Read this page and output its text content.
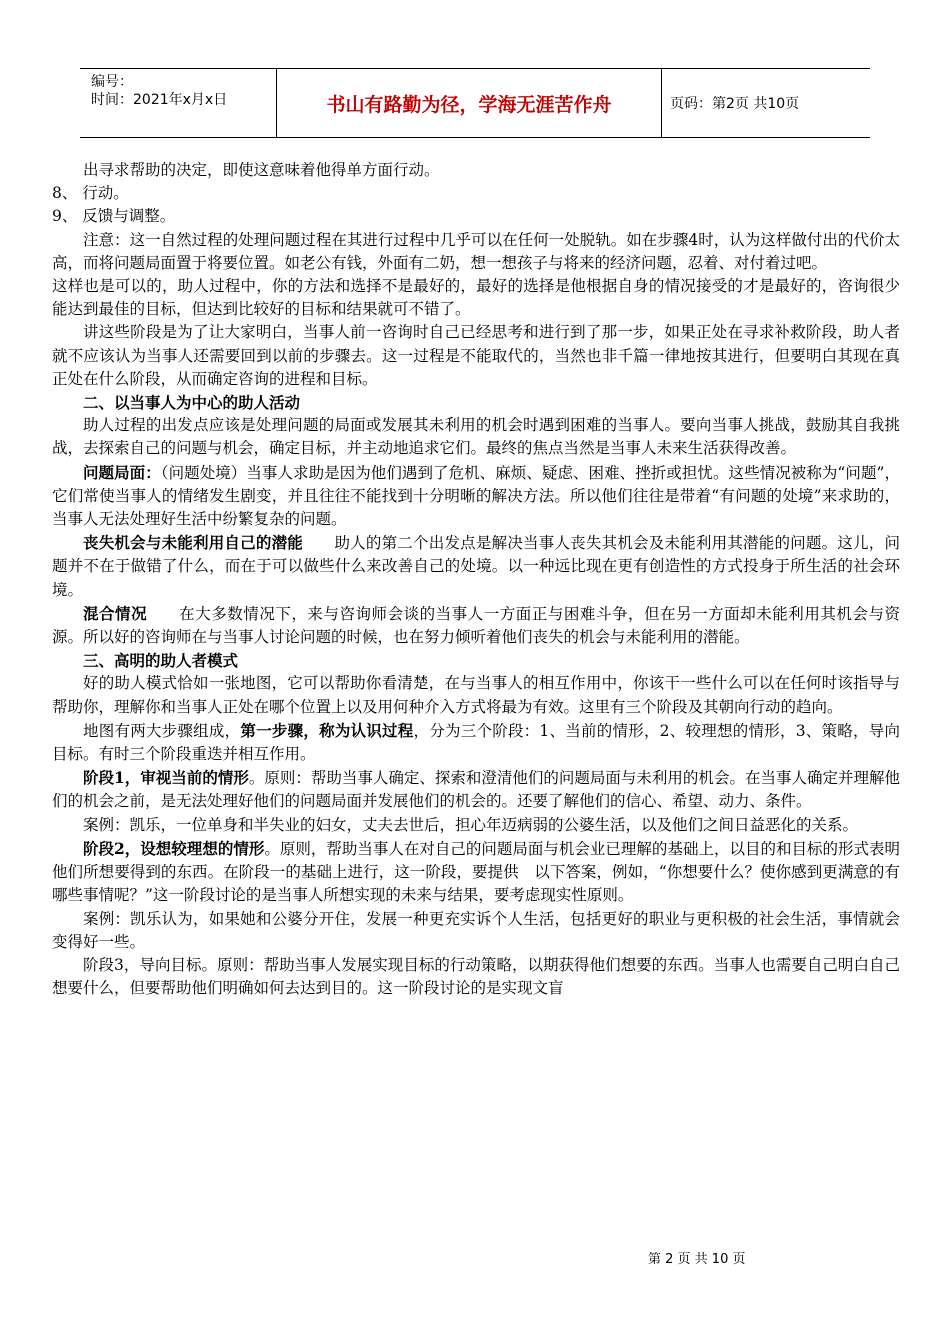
编号：
时间：2021年x月x日	书山有路勤为径，学海无涯苦作舟	页码：第2页 共10页

出寻求帮助的决定，即使这意味着他得单方面行动。

8、 行动。

9、 反馈与调整。

注意：这一自然过程的处理问题过程在其进行过程中几乎可以在任何一处脱轨。如在步骤4时，认为这样做付出的代价太高，而将问题局面置于将要位置。如老公有钱，外面有二奶，想一想孩子与将来的经济问题，忍着、对付着过吧。

这样也是可以的，助人过程中，你的方法和选择不是最好的，最好的选择是他根据自身的情况接受的才是最好的，咨询很少能达到最佳的目标，但达到比较好的目标和结果就可不错了。

讲这些阶段是为了让大家明白，当事人前一咨询时自己已经思考和进行到了那一步，如果正处在寻求补救阶段，助人者就不应该认为当事人还需要回到以前的步骤去。这一过程是不能取代的，当然也非千篇一律地按其进行，但要明白其现在真正处在什么阶段，从而确定咨询的进程和目标。

二、以当事人为中心的助人活动

助人过程的出发点应该是处理问题的局面或发展其未利用的机会时遇到困难的当事人。要向当事人挑战，鼓励其自我挑战，去探索自己的问题与机会，确定目标，并主动地追求它们。最终的焦点当然是当事人未来生活获得改善。

问题局面：（问题处境）当事人求助是因为他们遇到了危机、麻烦、疑虑、困难、挫折或担忧。这些情况被称为“问题”，它们常使当事人的情绪发生剧变，并且往往不能找到十分明晰的解决方法。所以他们往往是带着“有问题的处境”来求助的，当事人无法处理好生活中纷繁复杂的问题。

丧失机会与未能利用自己的潜能　　助人的第二个出发点是解决当事人丧失其机会及未能利用其潜能的问题。这儿，问题并不在于做错了什么，而在于可以做些什么来改善自己的处境。以一种远比现在更有创造性的方式投身于所生活的社会环境。

混合情况　　在大多数情况下，来与咨询师会谈的当事人一方面正与困难斗争，但在另一方面却未能利用其机会与资源。所以好的咨询师在与当事人讨论问题的时候，也在努力倾听着他们丧失的机会与未能利用的潜能。

三、高明的助人者模式

好的助人模式恰如一张地图，它可以帮助你看清楚，在与当事人的相互作用中，你该干一些什么可以在任何时该指导与帮助你，理解你和当事人正处在哪个位置上以及用何种介入方式将最为有效。这里有三个阶段及其朝向行动的趋向。

地图有两大步骤组成，第一步骤，称为认识过程，分为三个阶段：1、当前的情形，2、较理想的情形，3、策略，导向目标。有时三个阶段重迭并相互作用。

阶段1，审视当前的情形。原则：帮助当事人确定、探索和澄清他们的问题局面与未利用的机会。在当事人确定并理解他们的机会之前，是无法处理好他们的问题局面并发展他们的机会的。还要了解他们的信心、希望、动力、条件。

案例：凯乐，一位单身和半失业的妇女，丈夫去世后，担心年迈病弱的公婆生活，以及他们之间日益恶化的关系。

阶段2，设想较理想的情形。原则，帮助当事人在对自己的问题局面与机会业已理解的基础上，以目的和目标的形式表明他们所想要得到的东西。在阶段一的基础上进行，这一阶段，要提供　以下答案，例如，“你想要什么？使你感到更满意的有哪些事情呢？”这一阶段讨论的是当事人所想实现的未来与结果，要考虑现实性原则。

案例：凯乐认为，如果她和公婆分开住，发展一种更充实诉个人生活，包括更好的职业与更积极的社会生活，事情就会变得好一些。

阶段3，导向目标。原则：帮助当事人发展实现目标的行动策略，以期获得他们想要的东西。当事人也需要自己明白自己想要什么，但要帮助他们明确如何去达到目的。这一阶段讨论的是实现文盲

第 2 页 共 10 页
